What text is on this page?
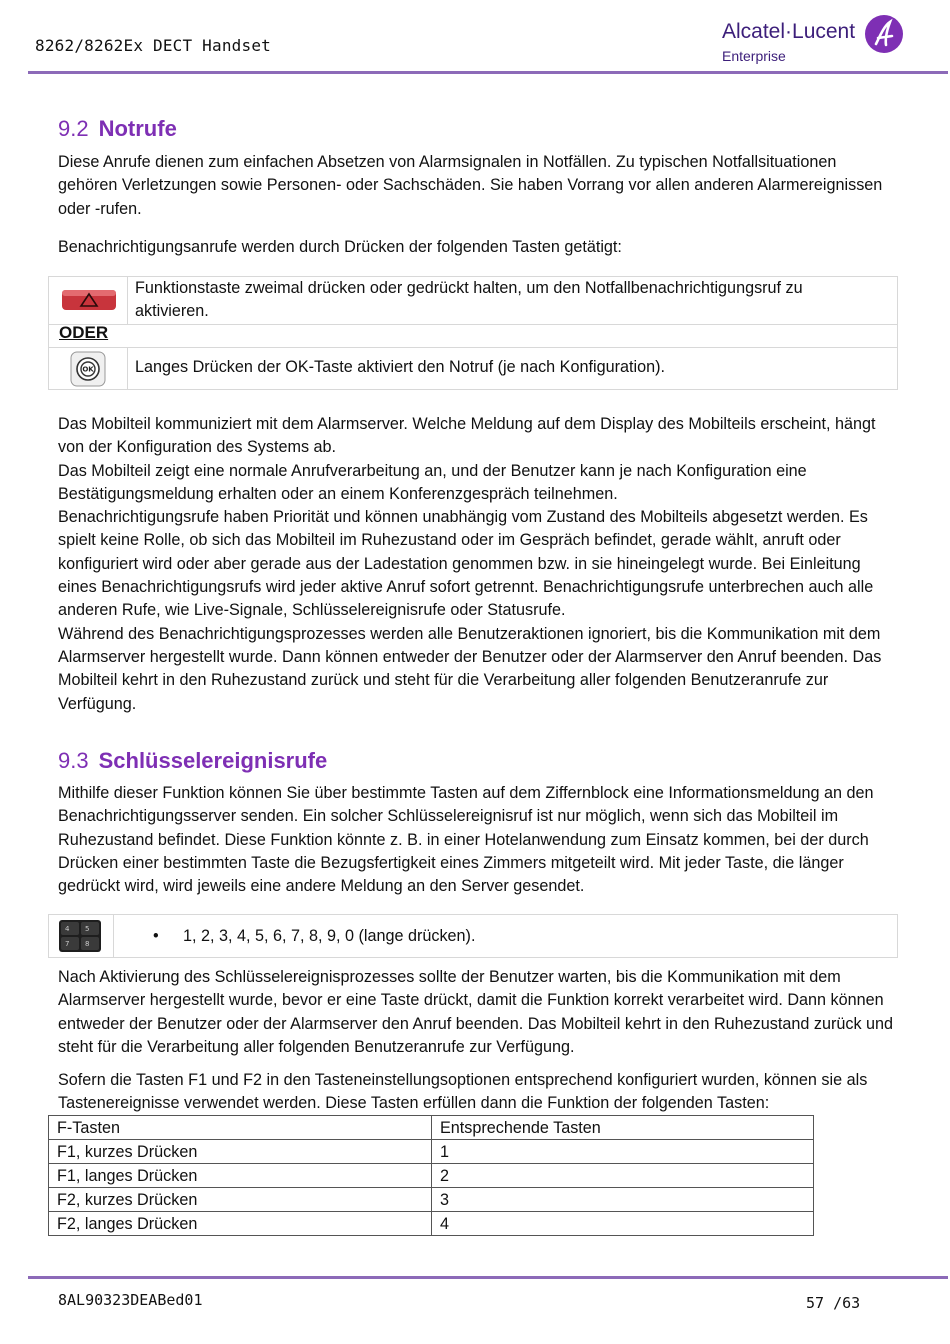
8262/8262Ex DECT Handset
Alcatel·Lucent
Enterprise
9.2 Notrufe

Diese Anrufe dienen zum einfachen Absetzen von Alarmsignalen in Notfällen. Zu typischen Notfallsituationen gehören Verletzungen sowie Personen- oder Sachschäden. Sie haben Vorrang vor allen anderen Alarmereignissen oder -rufen.

Benachrichtigungsanrufe werden durch Drücken der folgenden Tasten getätigt:

Funktionstaste zweimal drücken oder gedrückt halten, um den Notfallbenachrichtigungsruf zu aktivieren.
ODER
OK	Langes Drücken der OK-Taste aktiviert den Notruf (je nach Konfiguration).
Das Mobilteil kommuniziert mit dem Alarmserver. Welche Meldung auf dem Display des Mobilteils erscheint, hängt von der Konfiguration des Systems ab.
Das Mobilteil zeigt eine normale Anrufverarbeitung an, und der Benutzer kann je nach Konfiguration eine Bestätigungsmeldung erhalten oder an einem Konferenzgespräch teilnehmen.
Benachrichtigungsrufe haben Priorität und können unabhängig vom Zustand des Mobilteils abgesetzt werden. Es spielt keine Rolle, ob sich das Mobilteil im Ruhezustand oder im Gespräch befindet, gerade wählt, anruft oder konfiguriert wird oder aber gerade aus der Ladestation genommen bzw. in sie hineingelegt wurde. Bei Einleitung eines Benachrichtigungsrufs wird jeder aktive Anruf sofort getrennt. Benachrichtigungsrufe unterbrechen auch alle anderen Rufe, wie Live-Signale, Schlüsselereignisrufe oder Statusrufe.
Während des Benachrichtigungsprozesses werden alle Benutzeraktionen ignoriert, bis die Kommunikation mit dem Alarmserver hergestellt wurde. Dann können entweder der Benutzer oder der Alarmserver den Anruf beenden. Das Mobilteil kehrt in den Ruhezustand zurück und steht für die Verarbeitung aller folgenden Benutzeranrufe zur Verfügung.
9.3 Schlüsselereignisrufe

Mithilfe dieser Funktion können Sie über bestimmte Tasten auf dem Ziffernblock eine Informationsmeldung an den Benachrichtigungsserver senden. Ein solcher Schlüsselereignisruf ist nur möglich, wenn sich das Mobilteil im Ruhezustand befindet. Diese Funktion könnte z. B. in einer Hotelanwendung zum Einsatz kommen, bei der durch Drücken einer bestimmten Taste die Bezugsfertigkeit eines Zimmers mitgeteilt wird. Mit jeder Taste, die länger gedrückt wird, wird jeweils eine andere Meldung an den Server gesendet.

4 5
7 8	• 1, 2, 3, 4, 5, 6, 7, 8, 9, 0 (lange drücken).

Nach Aktivierung des Schlüsselereignisprozesses sollte der Benutzer warten, bis die Kommunikation mit dem Alarmserver hergestellt wurde, bevor er eine Taste drückt, damit die Funktion korrekt verarbeitet wird. Dann können entweder der Benutzer oder der Alarmserver den Anruf beenden. Das Mobilteil kehrt in den Ruhezustand zurück und steht für die Verarbeitung aller folgenden Benutzeranrufe zur Verfügung.

Sofern die Tasten F1 und F2 in den Tasteneinstellungsoptionen entsprechend konfiguriert wurden, können sie als Tastenereignisse verwendet werden. Diese Tasten erfüllen dann die Funktion der folgenden Tasten:

F-Tasten	Entsprechende Tasten
F1, kurzes Drücken	1
F1, langes Drücken	2
F2, kurzes Drücken	3
F2, langes Drücken	4
8AL90323DEABed01	57 /63
